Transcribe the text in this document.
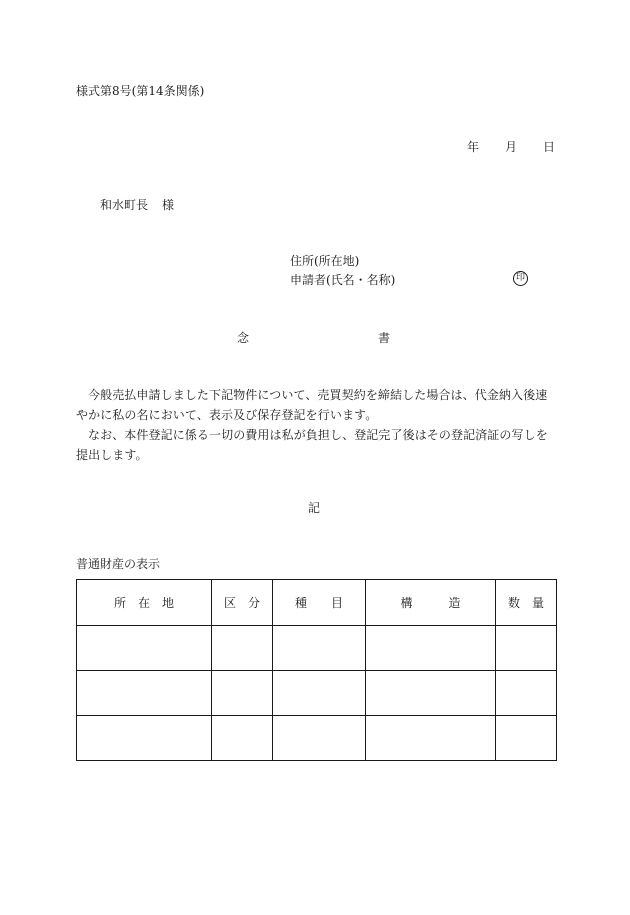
様式第8号(第14条関係)
年 月 日
和水町長 様
住所(所在地)
申請者(氏名・名称)	印
念	書

今般売払申請しました下記物件について、売買契約を締結した場合は、代金納入後速やかに私の名において、表示及び保存登記を行います。

なお、本件登記に係る一切の費用は私が負担し、登記完了後はその登記済証の写しを提出します。

記
普通財産の表示
所　在　地	区　分	種　　目	構　　　造	数　量
